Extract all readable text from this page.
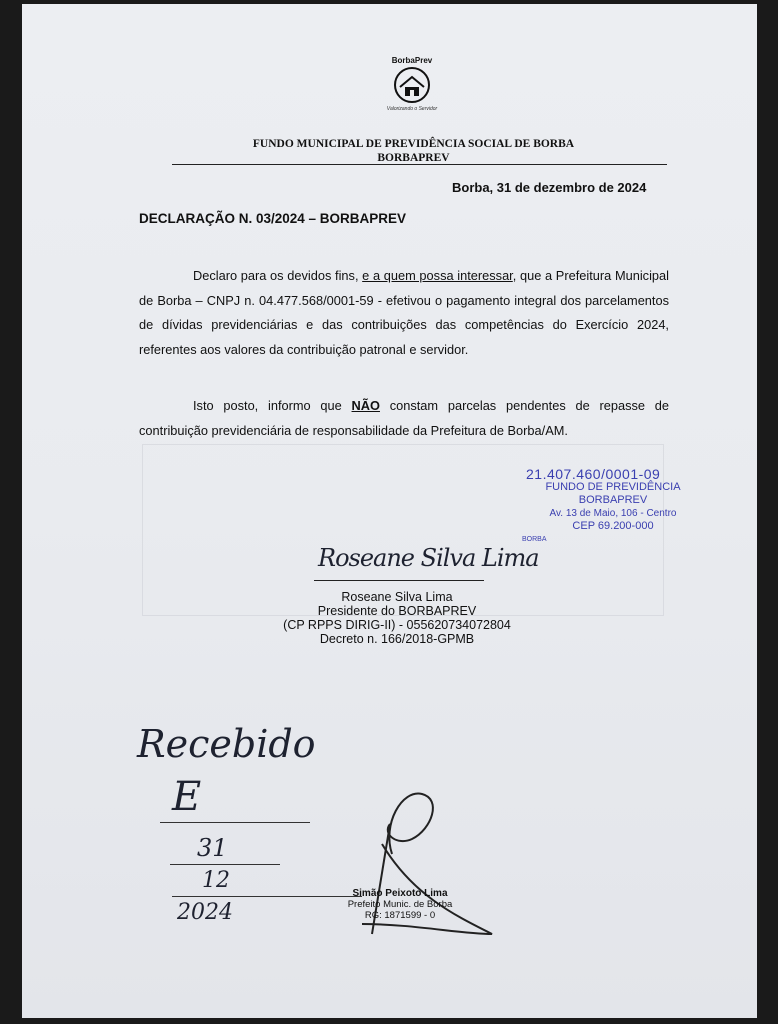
BorbaPrev
Valorizando o Servidor
FUNDO MUNICIPAL DE PREVIDÊNCIA SOCIAL DE BORBA
BORBAPREV
Borba, 31 de dezembro de 2024
DECLARAÇÃO N. 03/2024 – BORBAPREV
Declaro para os devidos fins, e a quem possa interessar, que a Prefeitura Municipal de Borba – CNPJ n. 04.477.568/0001-59 - efetivou o pagamento integral dos parcelamentos de dívidas previdenciárias e das contribuições das competências do Exercício 2024, referentes aos valores da contribuição patronal e servidor.
Isto posto, informo que NÃO constam parcelas pendentes de repasse de contribuição previdenciária de responsabilidade da Prefeitura de Borba/AM.
21.407.460/0001-09
FUNDO DE PREVIDÊNCIA
BORBAPREV
Av. 13 de Maio, 106 - Centro
CEP 69.200-000
BORBA
Roseane Silva Lima
Roseane Silva Lima
Presidente do BORBAPREV
(CP RPPS DIRIG-II) - 055620734072804
Decreto n. 166/2018-GPMB
Recebido
E
31
12
2024
Simão Peixoto Lima
Prefeito Munic. de Borba
RG: 1871599 - 0
